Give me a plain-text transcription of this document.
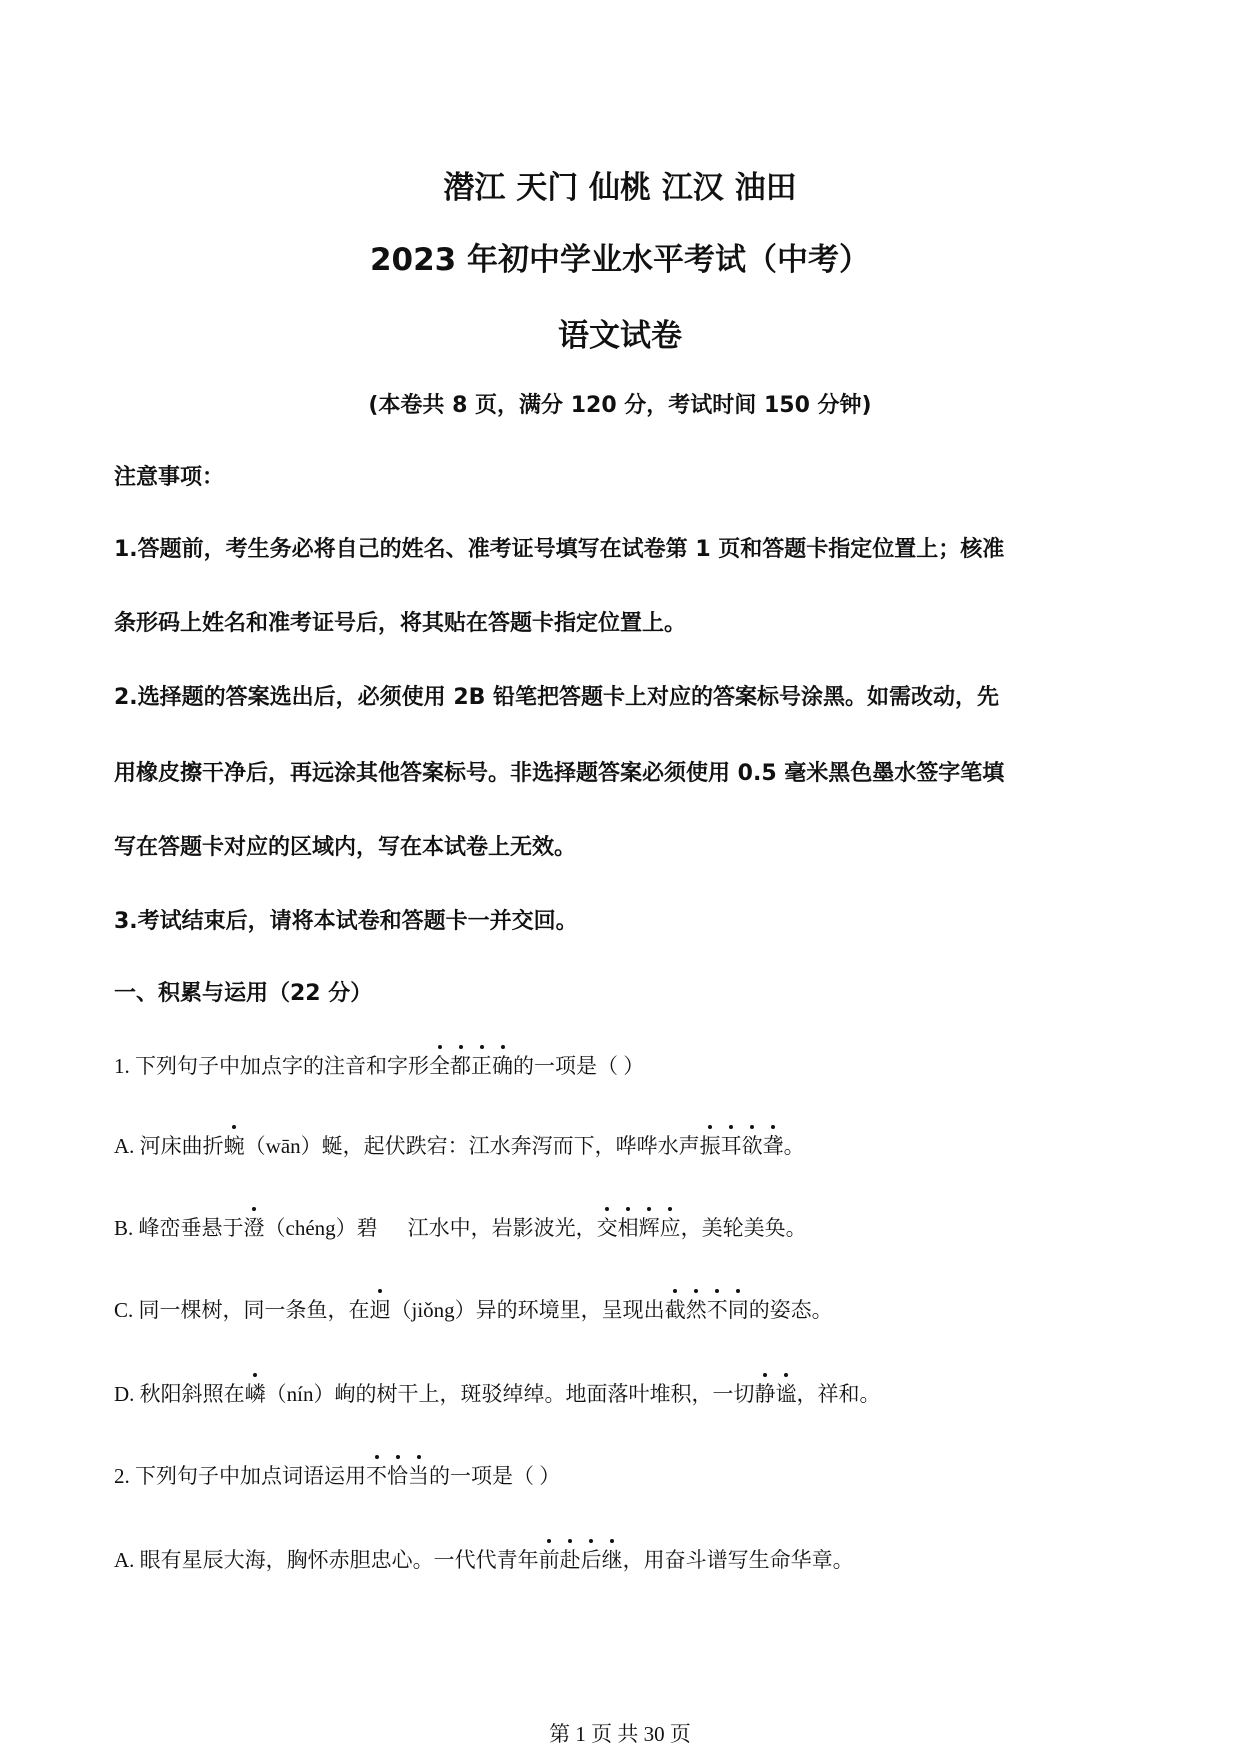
潜江 天门 仙桃 江汉 油田
2023 年初中学业水平考试（中考）
语文试卷
(本卷共 8 页，满分 120 分，考试时间 150 分钟)
注意事项：
1.答题前，考生务必将自己的姓名、准考证号填写在试卷第 1 页和答题卡指定位置上；核准
条形码上姓名和准考证号后，将其贴在答题卡指定位置上。
2.选择题的答案选出后，必须使用 2B 铅笔把答题卡上对应的答案标号涂黑。如需改动，先
用橡皮擦干净后，再远涂其他答案标号。非选择题答案必须使用 0.5 毫米黑色墨水签字笔填
写在答题卡对应的区域内，写在本试卷上无效。
3.考试结束后，请将本试卷和答题卡一并交回。
一、积累与运用（22 分）
1. 下列句子中加点字的注音和字形全都正确的一项是（ ）
A. 河床曲折蜿（wān）蜒，起伏跌宕：江水奔泻而下，哗哗水声振耳欲聋。
B. 峰峦垂悬于澄（chéng）碧 江水中，岩影波光，交相辉应，美轮美奂。
C. 同一棵树，同一条鱼，在迥（jiǒng）异的环境里，呈现出截然不同的姿态。
D. 秋阳斜照在嶙（nín）峋的树干上，斑驳绰绰。地面落叶堆积，一切静谧，祥和。
2. 下列句子中加点词语运用不恰当的一项是（ ）
A. 眼有星辰大海，胸怀赤胆忠心。一代代青年前赴后继，用奋斗谱写生命华章。
第 1 页 共 30 页
